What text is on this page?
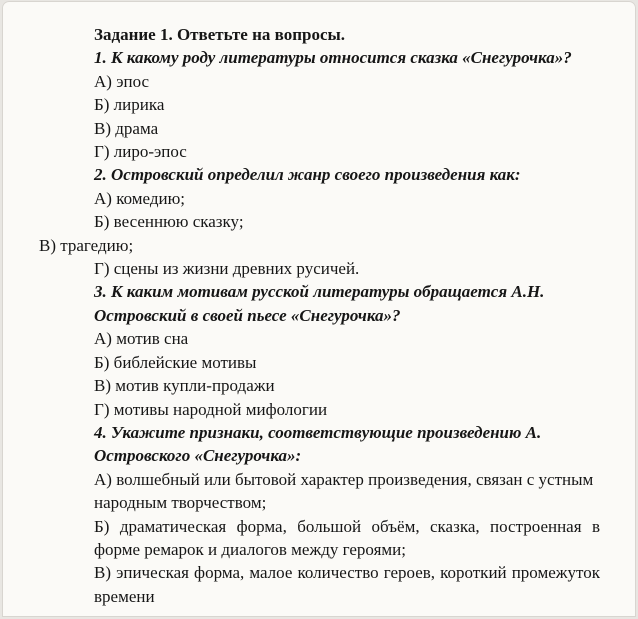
Задание 1. Ответьте на вопросы.

1. К какому роду литературы относится сказка «Снегурочка»?

А) эпос

Б) лирика

В) драма

Г) лиро-эпос

2. Островский определил жанр своего произведения как:

А) комедию;

Б) весеннюю сказку;

В) трагедию;

Г) сцены из жизни древних русичей.

3. К каким мотивам русской литературы обращается А.Н. Островский в своей пьесе «Снегурочка»?

А) мотив сна

Б) библейские мотивы

В) мотив купли-продажи

Г) мотивы народной мифологии

4. Укажите признаки, соответствующие произведению А. Островского «Снегурочка»:

А) волшебный или бытовой характер произведения, связан с устным народным творчеством;

Б) драматическая форма, большой объём, сказка, построенная в форме ремарок и диалогов между героями;

В) эпическая форма, малое количество героев, короткий промежуток времени
